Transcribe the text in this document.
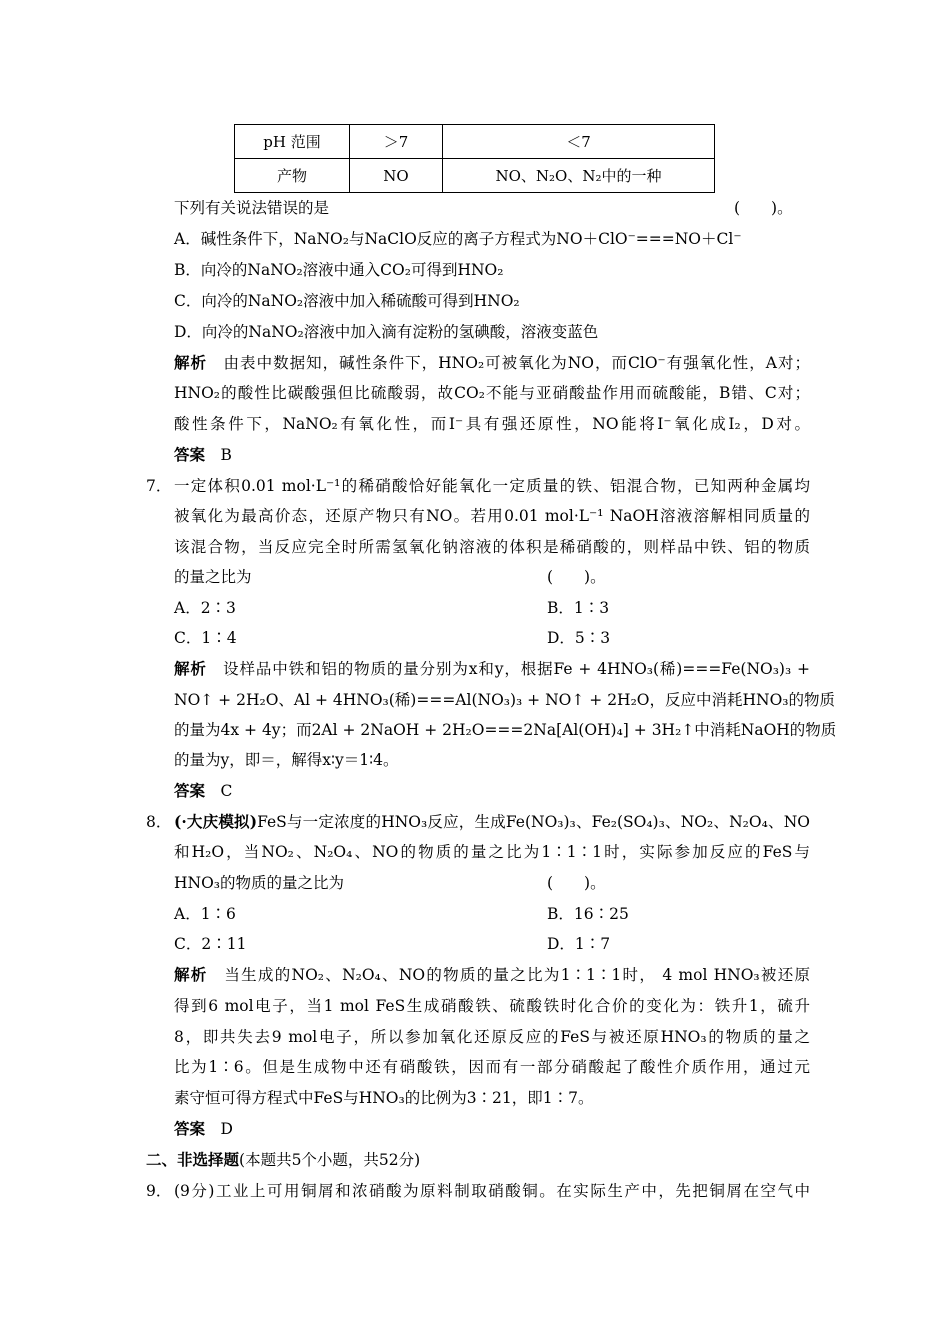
pH 范围	＞7	＜7
产物	NO	NO、N₂O、N₂中的一种
下列有关说法错误的是	(　　)。
A．碱性条件下，NaNO₂与NaClO反应的离子方程式为NO＋ClO⁻===NO＋Cl⁻
B．向冷的NaNO₂溶液中通入CO₂可得到HNO₂
C．向冷的NaNO₂溶液中加入稀硫酸可得到HNO₂
D．向冷的NaNO₂溶液中加入滴有淀粉的氢碘酸，溶液变蓝色
解析　 由表中数据知，碱性条件下，HNO₂可被氧化为NO，而ClO⁻有强氧化性，A对；
HNO₂的酸性比碳酸强但比硫酸弱，故CO₂不能与亚硝酸盐作用而硫酸能，B错、C对；
酸性条件下，NaNO₂有氧化性，而I⁻具有强还原性，NO能将I⁻氧化成I₂，D对。
答案　 B
7． 一定体积0.01 mol·L⁻¹的稀硝酸恰好能氧化一定质量的铁、铝混合物，已知两种金属均
被氧化为最高价态，还原产物只有NO。若用0.01 mol·L⁻¹ NaOH溶液溶解相同质量的
该混合物，当反应完全时所需氢氧化钠溶液的体积是稀硝酸的，则样品中铁、铝的物质
的量之比为	(　　)。
A．2∶3	B．1∶3
C．1∶4	D．5∶3
解析　 设样品中铁和铝的物质的量分别为x和y，根据Fe + 4HNO₃(稀)===Fe(NO₃)₃ +
NO↑ + 2H₂O、Al + 4HNO₃(稀)===Al(NO₃)₃ + NO↑ + 2H₂O，反应中消耗HNO₃的物质
的量为4x + 4y；而2Al + 2NaOH + 2H₂O===2Na[Al(OH)₄] + 3H₂↑中消耗NaOH的物质
的量为y，即＝，解得x∶y＝1∶4。
答案　 C
8． (·大庆模拟)FeS与一定浓度的HNO₃反应，生成Fe(NO₃)₃、Fe₂(SO₄)₃、NO₂、N₂O₄、NO
和H₂O，当NO₂、N₂O₄、NO的物质的量之比为1∶1∶1时，实际参加反应的FeS与
HNO₃的物质的量之比为	(　　)。
A．1∶6	B．16∶25
C．2∶11	D．1∶7
解析　 当生成的NO₂、N₂O₄、NO的物质的量之比为1∶1∶1时， 4 mol HNO₃被还原
得到6 mol电子，当1 mol FeS生成硝酸铁、硫酸铁时化合价的变化为：铁升1，硫升
8，即共失去9 mol电子，所以参加氧化还原反应的FeS与被还原HNO₃的物质的量之
比为1∶6。但是生成物中还有硝酸铁，因而有一部分硝酸起了酸性介质作用，通过元
素守恒可得方程式中FeS与HNO₃的比例为3∶21，即1∶7。
答案　 D
二、非选择题(本题共5个小题，共52分)
9． (9分)工业上可用铜屑和浓硝酸为原料制取硝酸铜。在实际生产中，先把铜屑在空气中
